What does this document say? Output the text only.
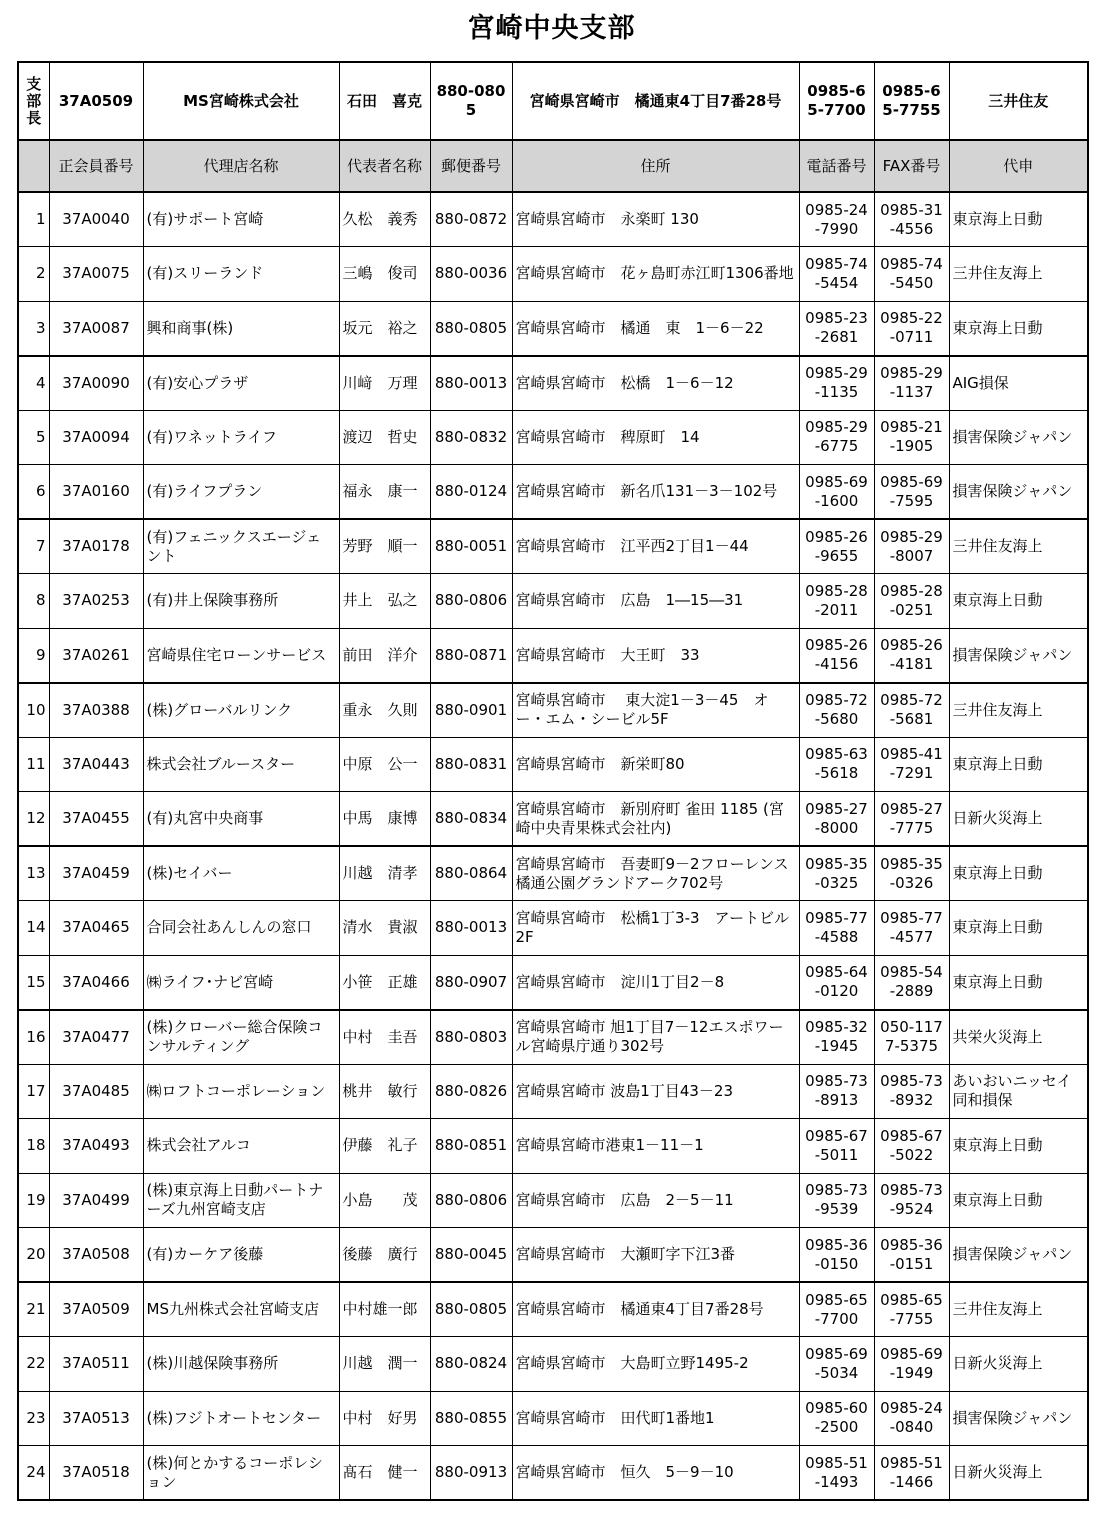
宮崎中央支部
支
部
長	37A0509	MS宮崎株式会社	石田　喜克	880-0805	宮崎県宮崎市　橘通東4丁目7番28号	0985-65-7700	0985-65-7755	三井住友
	正会員番号	代理店名称	代表者名称	郵便番号	住所	電話番号	FAX番号	代申
1	37A0040	(有)サポート宮崎	久松　義秀	880-0872	宮崎県宮崎市　永楽町 130	0985-24-7990	0985-31-4556	東京海上日動
2	37A0075	(有)スリーランド	三嶋　俊司	880-0036	宮崎県宮崎市　花ヶ島町赤江町1306番地	0985-74-5454	0985-74-5450	三井住友海上
3	37A0087	興和商事(株)	坂元　裕之	880-0805	宮崎県宮崎市　橘通　東　1－6－22	0985-23-2681	0985-22-0711	東京海上日動
4	37A0090	(有)安心プラザ	川﨑　万理	880-0013	宮崎県宮崎市　松橋　1－6－12	0985-29-1135	0985-29-1137	AIG損保
5	37A0094	(有)ワネットライフ	渡辺　哲史	880-0832	宮崎県宮崎市　稗原町　14	0985-29-6775	0985-21-1905	損害保険ジャパン
6	37A0160	(有)ライフプラン	福永　康一	880-0124	宮崎県宮崎市　新名爪131－3－102号	0985-69-1600	0985-69-7595	損害保険ジャパン
7	37A0178	(有)フェニックスエージェント	芳野　順一	880-0051	宮崎県宮崎市　江平西2丁目1－44	0985-26-9655	0985-29-8007	三井住友海上
8	37A0253	(有)井上保険事務所	井上　弘之	880-0806	宮崎県宮崎市　広島　1―15―31	0985-28-2011	0985-28-0251	東京海上日動
9	37A0261	宮崎県住宅ローンサービス	前田　洋介	880-0871	宮崎県宮崎市　大王町　33	0985-26-4156	0985-26-4181	損害保険ジャパン
10	37A0388	(株)グローバルリンク	重永　久則	880-0901	宮崎県宮崎市　 東大淀1－3－45　オー・エム・シービル5F	0985-72-5680	0985-72-5681	三井住友海上
11	37A0443	株式会社ブルースター	中原　公一	880-0831	宮崎県宮崎市　新栄町80	0985-63-5618	0985-41-7291	東京海上日動
12	37A0455	(有)丸宮中央商事	中馬　康博	880-0834	宮崎県宮崎市　新別府町 雀田 1185 (宮崎中央青果株式会社内)	0985-27-8000	0985-27-7775	日新火災海上
13	37A0459	(株)セイバー	川越　清孝	880-0864	宮崎県宮崎市　吾妻町9－2フローレンス橘通公園グランドアーク702号	0985-35-0325	0985-35-0326	東京海上日動
14	37A0465	合同会社あんしんの窓口	清水　貴淑	880-0013	宮崎県宮崎市　松橋1丁3-3　アートビル2F	0985-77-4588	0985-77-4577	東京海上日動
15	37A0466	㈱ライフ･ナビ宮崎	小笹　正雄	880-0907	宮崎県宮崎市　淀川1丁目2－8	0985-64-0120	0985-54-2889	東京海上日動
16	37A0477	(株)クローバー総合保険コンサルティング	中村　圭吾	880-0803	宮崎県宮崎市 旭1丁目7－12エスポワール宮崎県庁通り302号	0985-32-1945	050-1177-5375	共栄火災海上
17	37A0485	㈱ロフトコーポレーション	桃井　敏行	880-0826	宮崎県宮崎市 波島1丁目43－23	0985-73-8913	0985-73-8932	あいおいニッセイ同和損保
18	37A0493	株式会社アルコ	伊藤　礼子	880-0851	宮崎県宮崎市港東1－11－1	0985-67-5011	0985-67-5022	東京海上日動
19	37A0499	(株)東京海上日動パートナーズ九州宮崎支店	小島　　茂	880-0806	宮崎県宮崎市　広島　2－5－11	0985-73-9539	0985-73-9524	東京海上日動
20	37A0508	(有)カーケア後藤	後藤　廣行	880-0045	宮崎県宮崎市　大瀬町字下江3番	0985-36-0150	0985-36-0151	損害保険ジャパン
21	37A0509	MS九州株式会社宮崎支店	中村雄一郎	880-0805	宮崎県宮崎市　橘通東4丁目7番28号	0985-65-7700	0985-65-7755	三井住友海上
22	37A0511	(株)川越保険事務所	川越　潤一	880-0824	宮崎県宮崎市　大島町立野1495-2	0985-69-5034	0985-69-1949	日新火災海上
23	37A0513	(株)フジトオートセンター	中村　好男	880-0855	宮崎県宮崎市　田代町1番地1	0985-60-2500	0985-24-0840	損害保険ジャパン
24	37A0518	(株)何とかするコーポレション	髙石　健一	880-0913	宮崎県宮崎市　恒久　5－9－10	0985-51-1493	0985-51-1466	日新火災海上
